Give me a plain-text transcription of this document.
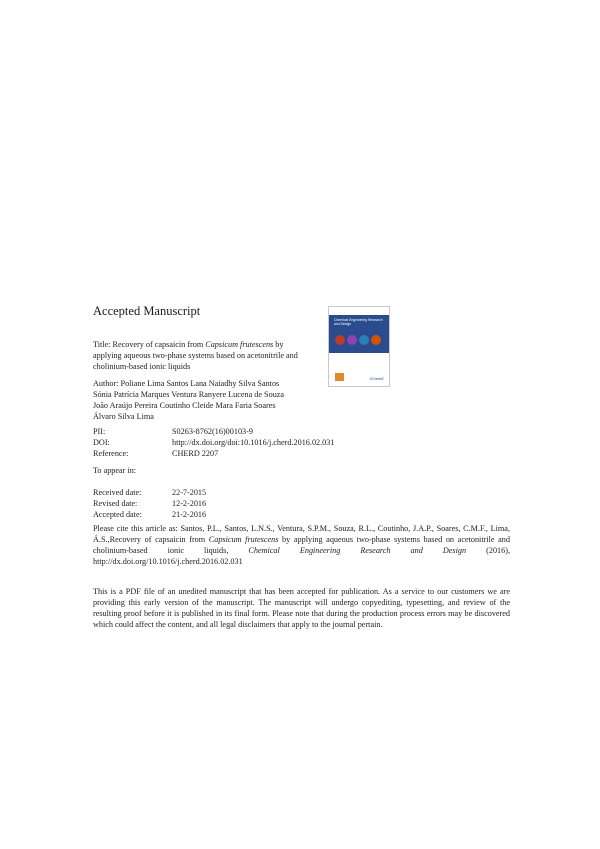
Accepted Manuscript
Title: Recovery of capsaicin from Capsicum frutescens by applying aqueous two-phase systems based on acetonitrile and cholinium-based ionic liquids
Author: Poliane Lima Santos Lana Naiadhy Silva Santos
Sónia Patrícia Marques Ventura Ranyere Lucena de Souza
João Araújo Pereira Coutinho Cleide Mara Faria Soares
Álvaro Silva Lima
Chemical Engineering Research and Design
IChemE
PII:	S0263-8762(16)00103-9
DOI:	http://dx.doi.org/doi:10.1016/j.cherd.2016.02.031
Reference:	CHERD 2207
To appear in:
Received date:	22-7-2015
Revised date:	12-2-2016
Accepted date:	21-2-2016
Please cite this article as: Santos, P.L., Santos, L.N.S., Ventura, S.P.M., Souza, R.L., Coutinho, J.A.P., Soares, C.M.F., Lima, Á.S.,Recovery of capsaicin from Capsicum frutescens by applying aqueous two-phase systems based on acetonitrile and cholinium-based ionic liquids, Chemical Engineering Research and Design (2016), http://dx.doi.org/10.1016/j.cherd.2016.02.031
This is a PDF file of an unedited manuscript that has been accepted for publication. As a service to our customers we are providing this early version of the manuscript. The manuscript will undergo copyediting, typesetting, and review of the resulting proof before it is published in its final form. Please note that during the production process errors may be discovered which could affect the content, and all legal disclaimers that apply to the journal pertain.
